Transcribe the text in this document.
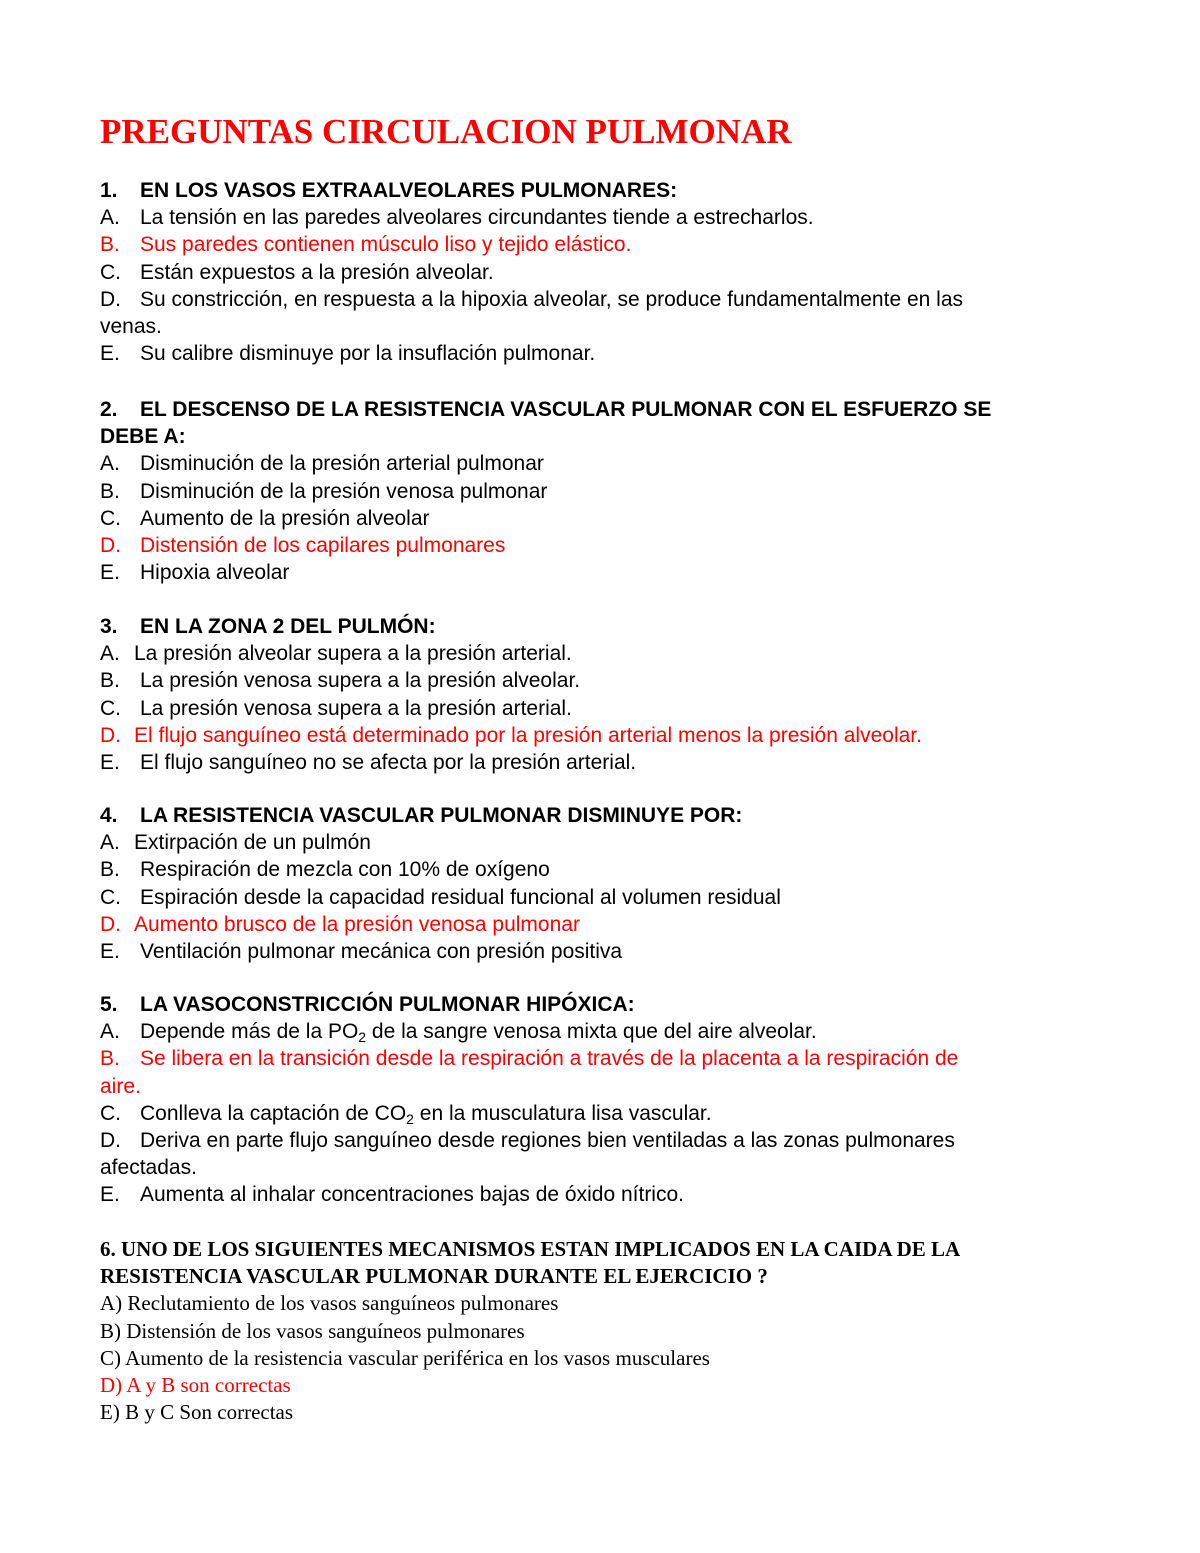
PREGUNTAS CIRCULACION PULMONAR
1. EN LOS VASOS EXTRAALVEOLARES PULMONARES:
A. La tensión en las paredes alveolares circundantes tiende a estrecharlos.
B. Sus paredes contienen músculo liso y tejido elástico.
C. Están expuestos a la presión alveolar.
D. Su constricción, en respuesta a la hipoxia alveolar, se produce fundamentalmente en las
venas.
E. Su calibre disminuye por la insuflación pulmonar.
2. EL DESCENSO DE LA RESISTENCIA VASCULAR PULMONAR CON EL ESFUERZO SE
DEBE A:
A. Disminución de la presión arterial pulmonar
B. Disminución de la presión venosa pulmonar
C. Aumento de la presión alveolar
D. Distensión de los capilares pulmonares
E. Hipoxia alveolar
3. EN LA ZONA 2 DEL PULMÓN:
A. La presión alveolar supera a la presión arterial.
B. La presión venosa supera a la presión alveolar.
C. La presión venosa supera a la presión arterial.
D. El flujo sanguíneo está determinado por la presión arterial menos la presión alveolar.
E. El flujo sanguíneo no se afecta por la presión arterial.
4. LA RESISTENCIA VASCULAR PULMONAR DISMINUYE POR:
A. Extirpación de un pulmón
B. Respiración de mezcla con 10% de oxígeno
C. Espiración desde la capacidad residual funcional al volumen residual
D. Aumento brusco de la presión venosa pulmonar
E. Ventilación pulmonar mecánica con presión positiva
5. LA VASOCONSTRICCIÓN PULMONAR HIPÓXICA:
A. Depende más de la $PO_2$ de la sangre venosa mixta que del aire alveolar.
B. Se libera en la transición desde la respiración a través de la placenta a la respiración de
aire.
C. Conlleva la captación de $CO_2$ en la musculatura lisa vascular.
D. Deriva en parte flujo sanguíneo desde regiones bien ventiladas a las zonas pulmonares
afectadas.
E. Aumenta al inhalar concentraciones bajas de óxido nítrico.
6. UNO DE LOS SIGUIENTES MECANISMOS ESTAN IMPLICADOS EN LA CAIDA DE LA
RESISTENCIA VASCULAR PULMONAR DURANTE EL EJERCICIO ?
A) Reclutamiento de los vasos sanguíneos pulmonares
B) Distensión de los vasos sanguíneos pulmonares
C) Aumento de la resistencia vascular periférica en los vasos musculares
D) A y B son correctas
E) B y C Son correctas
